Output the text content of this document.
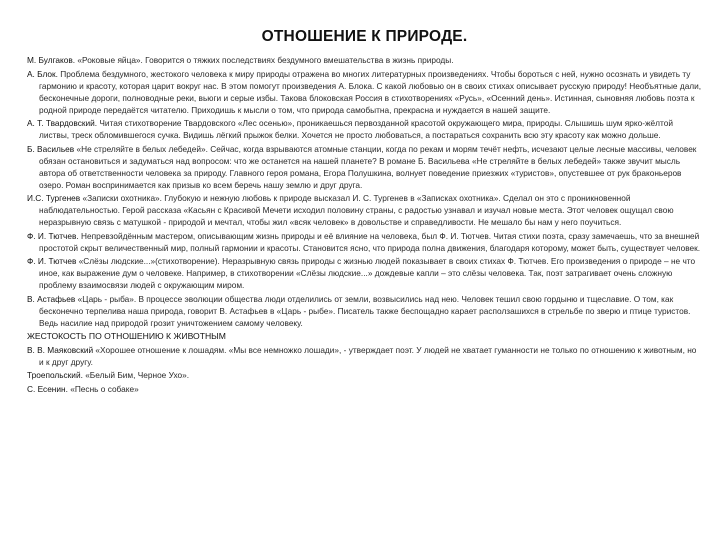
ОТНОШЕНИЕ К ПРИРОДЕ.

М. Булгаков. «Роковые яйца». Говорится о тяжких последствиях бездумного вмешательства в жизнь природы.

А. Блок. Проблема бездумного, жестокого человека к миру природы отражена во многих литературных произведениях. Чтобы бороться с ней, нужно осознать и увидеть ту гармонию и красоту, которая царит вокруг нас. В этом помогут произведения А. Блока. С какой любовью он в своих стихах описывает русскую природу! Необъятные дали, бесконечные дороги, полноводные реки, вьюги и серые избы. Такова блоковская Россия в стихотворениях «Русь», «Осенний день». Истинная, сыновняя любовь поэта к родной природе передаётся читателю. Приходишь к мысли о том, что природа самобытна, прекрасна и нуждается в нашей защите.

А. Т. Твардовский. Читая стихотворение Твардовского «Лес осенью», проникаешься первозданной красотой окружающего мира, природы. Слышишь шум ярко-жёлтой листвы, треск обломившегося сучка. Видишь лёгкий прыжок белки. Хочется не просто любоваться, а постараться сохранить всю эту красоту как можно дольше.

Б. Васильев «Не стреляйте в белых лебедей». Сейчас, когда взрываются атомные станции, когда по рекам и морям течёт нефть, исчезают целые лесные массивы, человек обязан остановиться и задуматься над вопросом: что же останется на нашей планете? В романе Б. Васильева «Не стреляйте в белых лебедей» также звучит мысль автора об ответственности человека за природу. Главного героя романа, Егора Полушкина, волнует поведение приезжих «туристов», опустевшее от рук браконьеров озеро. Роман воспринимается как призыв ко всем беречь нашу землю и друг друга.

И.С. Тургенев «Записки охотника». Глубокую и нежную любовь к природе высказал И. С. Тургенев в «Записках охотника». Сделал он это с проникновенной наблюдательностью. Герой рассказа «Касьян с Красивой Мечети исходил половину страны, с радостью узнавал и изучал новые места. Этот человек ощущал свою неразрывную связь с матушкой - природой и мечтал, чтобы жил «всяк человек» в довольстве и справедливости. Не мешало бы нам у него поучиться.

Ф. И. Тютчев. Непревзойдённым мастером, описывающим жизнь природы и её влияние на человека, был Ф. И. Тютчев. Читая стихи поэта, сразу замечаешь, что за внешней простотой скрыт величественный мир, полный гармонии и красоты. Становится ясно, что природа полна движения, благодаря которому, может быть, существует человек.

Ф. И. Тютчев «Слёзы людские...»(стихотворение). Неразрывную связь природы с жизнью людей показывает в своих стихах Ф. Тютчев. Его произведения о природе – не что иное, как выражение дум о человеке. Например, в стихотворении «Слёзы людские...» дождевые капли – это слёзы человека. Так, поэт затрагивает очень сложную проблему взаимосвязи людей с окружающим миром.

В. Астафьев «Царь - рыба». В процессе эволюции общества люди отделились от земли, возвысились над нею. Человек тешил свою гордыню и тщеславие. О том, как бесконечно терпелива наша природа, говорит В. Астафьев в «Царь - рыбе». Писатель также беспощадно карает расползашихся в стрельбе по зверю и птице туристов. Ведь насилие над природой грозит уничтожением самому человеку.

ЖЕСТОКОСТЬ ПО ОТНОШЕНИЮ К ЖИВОТНЫМ

В. В. Маяковский «Хорошее отношение к лошадям. «Мы все немножко лошади», - утверждает поэт. У людей не хватает гуманности не только по отношению к животным, но и к друг другу.

Троепольский. «Белый Бим, Черное Ухо».

С. Есенин. «Песнь о собаке»
